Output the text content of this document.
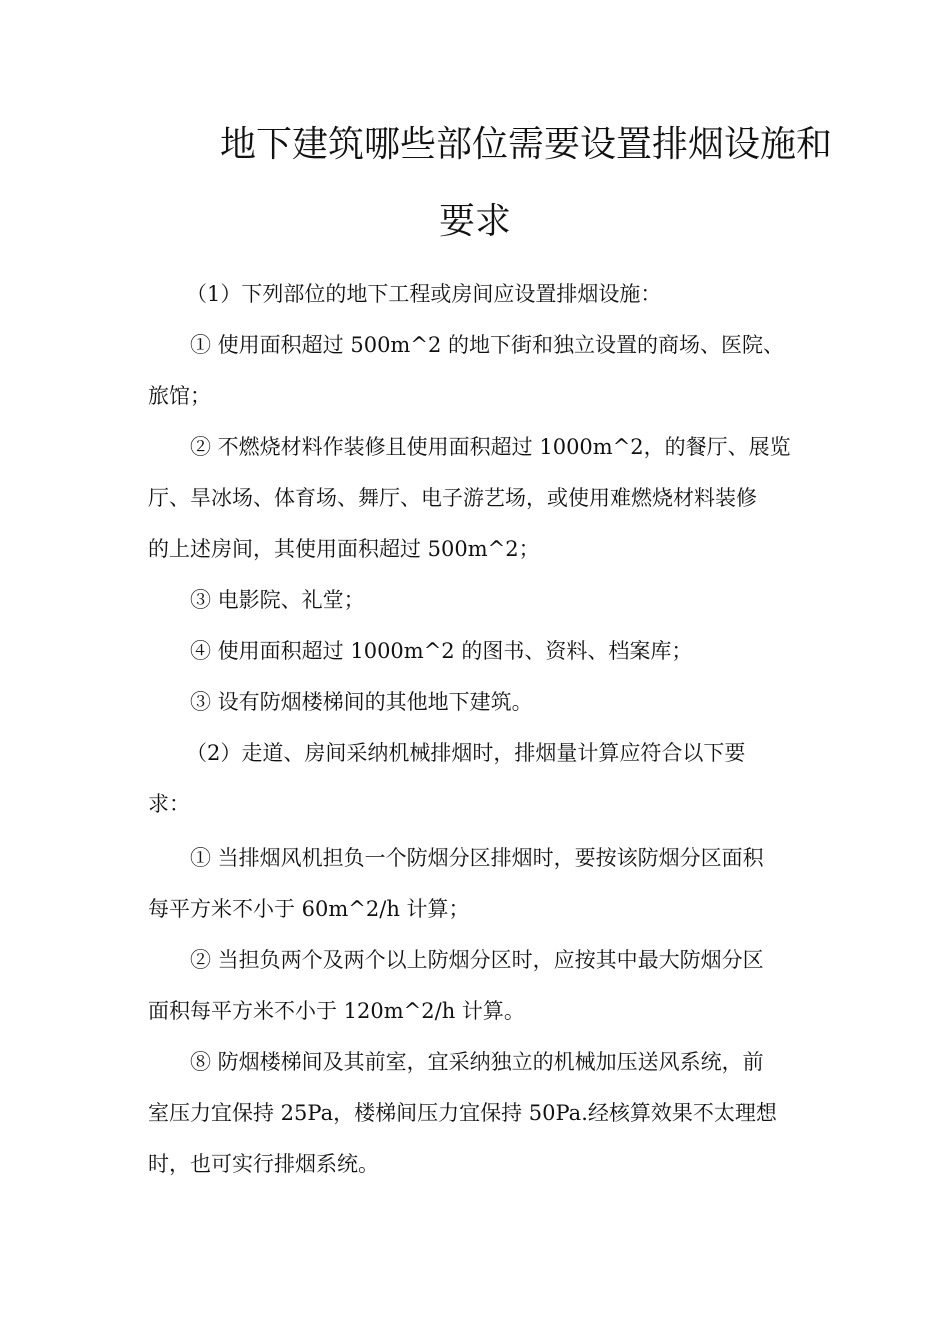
地下建筑哪些部位需要设置排烟设施和
要求
（1）下列部位的地下工程或房间应设置排烟设施：
① 使用面积超过 500m^2 的地下街和独立设置的商场、医院、
旅馆；
② 不燃烧材料作装修且使用面积超过 1000m^2，的餐厅、展览
厅、旱冰场、体育场、舞厅、电子游艺场，或使用难燃烧材料装修
的上述房间，其使用面积超过 500m^2；
③ 电影院、礼堂；
④ 使用面积超过 1000m^2 的图书、资料、档案库；
③ 设有防烟楼梯间的其他地下建筑。
（2）走道、房间采纳机械排烟时，排烟量计算应符合以下要
求：
① 当排烟风机担负一个防烟分区排烟时，要按该防烟分区面积
每平方米不小于 60m^2/h 计算；
② 当担负两个及两个以上防烟分区时，应按其中最大防烟分区
面积每平方米不小于 120m^2/h 计算。
⑧ 防烟楼梯间及其前室，宜采纳独立的机械加压送风系统，前
室压力宜保持 25Pa，楼梯间压力宜保持 50Pa.经核算效果不太理想
时，也可实行排烟系统。
